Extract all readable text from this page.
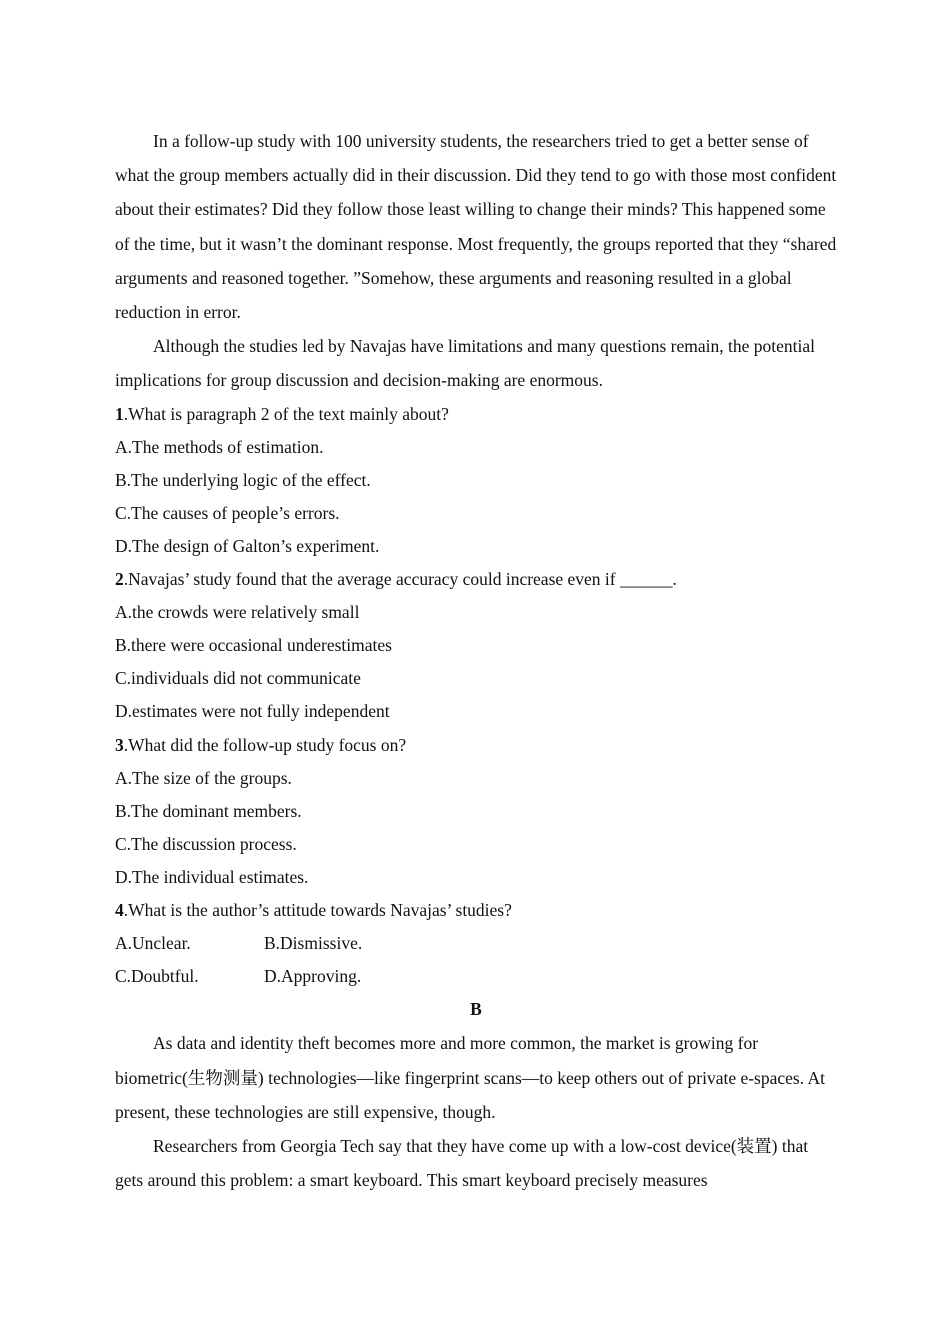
In a follow-up study with 100 university students, the researchers tried to get a better sense of what the group members actually did in their discussion. Did they tend to go with those most confident about their estimates? Did they follow those least willing to change their minds? This happened some of the time, but it wasn’t the dominant response. Most frequently, the groups reported that they “shared arguments and reasoned together. ”Somehow, these arguments and reasoning resulted in a global reduction in error.

Although the studies led by Navajas have limitations and many questions remain, the potential implications for group discussion and decision-making are enormous.

1.What is paragraph 2 of the text mainly about?

A.The methods of estimation.

B.The underlying logic of the effect.

C.The causes of people’s errors.

D.The design of Galton’s experiment.

2.Navajas’ study found that the average accuracy could increase even if ______.

A.the crowds were relatively small

B.there were occasional underestimates

C.individuals did not communicate

D.estimates were not fully independent

3.What did the follow-up study focus on?

A.The size of the groups.

B.The dominant members.

C.The discussion process.

D.The individual estimates.

4.What is the author’s attitude towards Navajas’ studies?

A.Unclear.	B.Dismissive.
C.Doubtful.	D.Approving.

B

As data and identity theft becomes more and more common, the market is growing for biometric(生物测量) technologies—like fingerprint scans—to keep others out of private e-spaces. At present, these technologies are still expensive, though.

Researchers from Georgia Tech say that they have come up with a low-cost device(装置) that gets around this problem: a smart keyboard. This smart keyboard precisely measures
